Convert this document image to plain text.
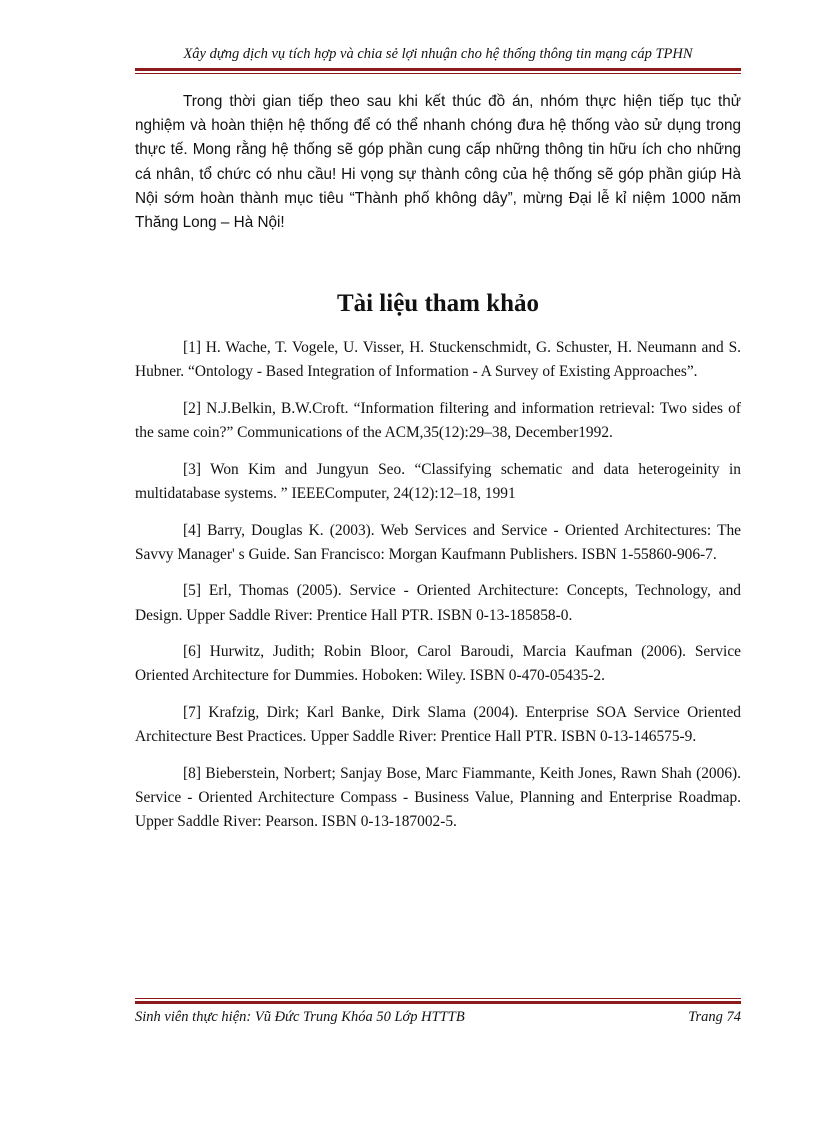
Xây dựng dịch vụ tích hợp và chia sẻ lợi nhuận cho hệ thống thông tin mạng cáp TPHN

Trong thời gian tiếp theo sau khi kết thúc đồ án, nhóm thực hiện tiếp tục thử nghiệm và hoàn thiện hệ thống để có thể nhanh chóng đưa hệ thống vào sử dụng trong thực tế. Mong rằng hệ thống sẽ góp phần cung cấp những thông tin hữu ích cho những cá nhân, tổ chức có nhu cầu! Hi vọng sự thành công của hệ thống sẽ góp phần giúp Hà Nội sớm hoàn thành mục tiêu “Thành phố không dây”, mừng Đại lễ kỉ niệm 1000 năm Thăng Long – Hà Nội!

Tài liệu tham khảo

[1] H. Wache, T. Vogele, U. Visser, H. Stuckenschmidt, G. Schuster, H. Neumann and S. Hubner. “Ontology - Based Integration of Information - A Survey of Existing Approaches”.

[2] N.J.Belkin, B.W.Croft. “Information filtering and information retrieval: Two sides of the same coin?” Communications of the ACM,35(12):29–38, December1992.

[3] Won Kim and Jungyun Seo. “Classifying schematic and data heterogeinity in multidatabase systems. ” IEEEComputer, 24(12):12–18, 1991

[4] Barry, Douglas K. (2003). Web Services and Service - Oriented Architectures: The Savvy Manager' s Guide. San Francisco: Morgan Kaufmann Publishers. ISBN 1-55860-906-7.

[5] Erl, Thomas (2005). Service - Oriented Architecture: Concepts, Technology, and Design. Upper Saddle River: Prentice Hall PTR. ISBN 0-13-185858-0.

[6] Hurwitz, Judith; Robin Bloor, Carol Baroudi, Marcia Kaufman (2006). Service Oriented Architecture for Dummies. Hoboken: Wiley. ISBN 0-470-05435-2.

[7] Krafzig, Dirk; Karl Banke, Dirk Slama (2004). Enterprise SOA Service Oriented Architecture Best Practices. Upper Saddle River: Prentice Hall PTR. ISBN 0-13-146575-9.

[8] Bieberstein, Norbert; Sanjay Bose, Marc Fiammante, Keith Jones, Rawn Shah (2006). Service - Oriented Architecture Compass - Business Value, Planning and Enterprise Roadmap. Upper Saddle River: Pearson. ISBN 0-13-187002-5.

Sinh viên thực hiện: Vũ Đức Trung Khóa 50 Lớp HTTTB	Trang 74
